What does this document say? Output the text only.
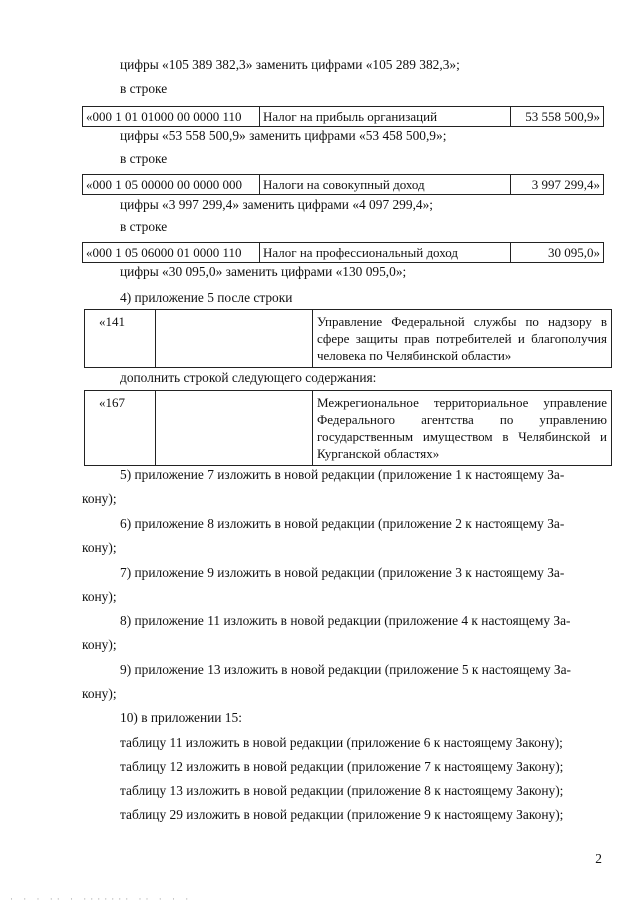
цифры «105 389 382,3» заменить цифрами «105 289 382,3»;
в строке
«000 1 01 01000 00 0000 110	Налог на прибыль организаций	53 558 500,9»
цифры «53 558 500,9» заменить цифрами «53 458 500,9»;
в строке
«000 1 05 00000 00 0000 000	Налоги на совокупный доход	3 997 299,4»
цифры «3 997 299,4» заменить цифрами «4 097 299,4»;
в строке
«000 1 05 06000 01 0000 110	Налог на профессиональный доход	30 095,0»
цифры «30 095,0» заменить цифрами «130 095,0»;
4) приложение 5 после строки
«141		Управление Федеральной службы по надзору в сфере защиты прав потребителей и благополучия человека по Челябинской области»
дополнить строкой следующего содержания:
«167		Межрегиональное территориальное управление Федерального агентства по управлению государственным имуществом в Челябинской и Курганской областях»
5) приложение 7 изложить в новой редакции (приложение 1 к настоящему За-
кону);
6) приложение 8 изложить в новой редакции (приложение 2 к настоящему За-
кону);
7) приложение 9 изложить в новой редакции (приложение 3 к настоящему За-
кону);
8) приложение 11 изложить в новой редакции (приложение 4 к настоящему За-
кону);
9) приложение 13 изложить в новой редакции (приложение 5 к настоящему За-
кону);
10) в приложении 15:
таблицу 11 изложить в новой редакции (приложение 6 к настоящему Закону);
таблицу 12 изложить в новой редакции (приложение 7 к настоящему Закону);
таблицу 13 изложить в новой редакции (приложение 8 к настоящему Закону);
таблицу 29 изложить в новой редакции (приложение 9 к настоящему Закону);
2
· · · ·· · ······· ·· · · ·
